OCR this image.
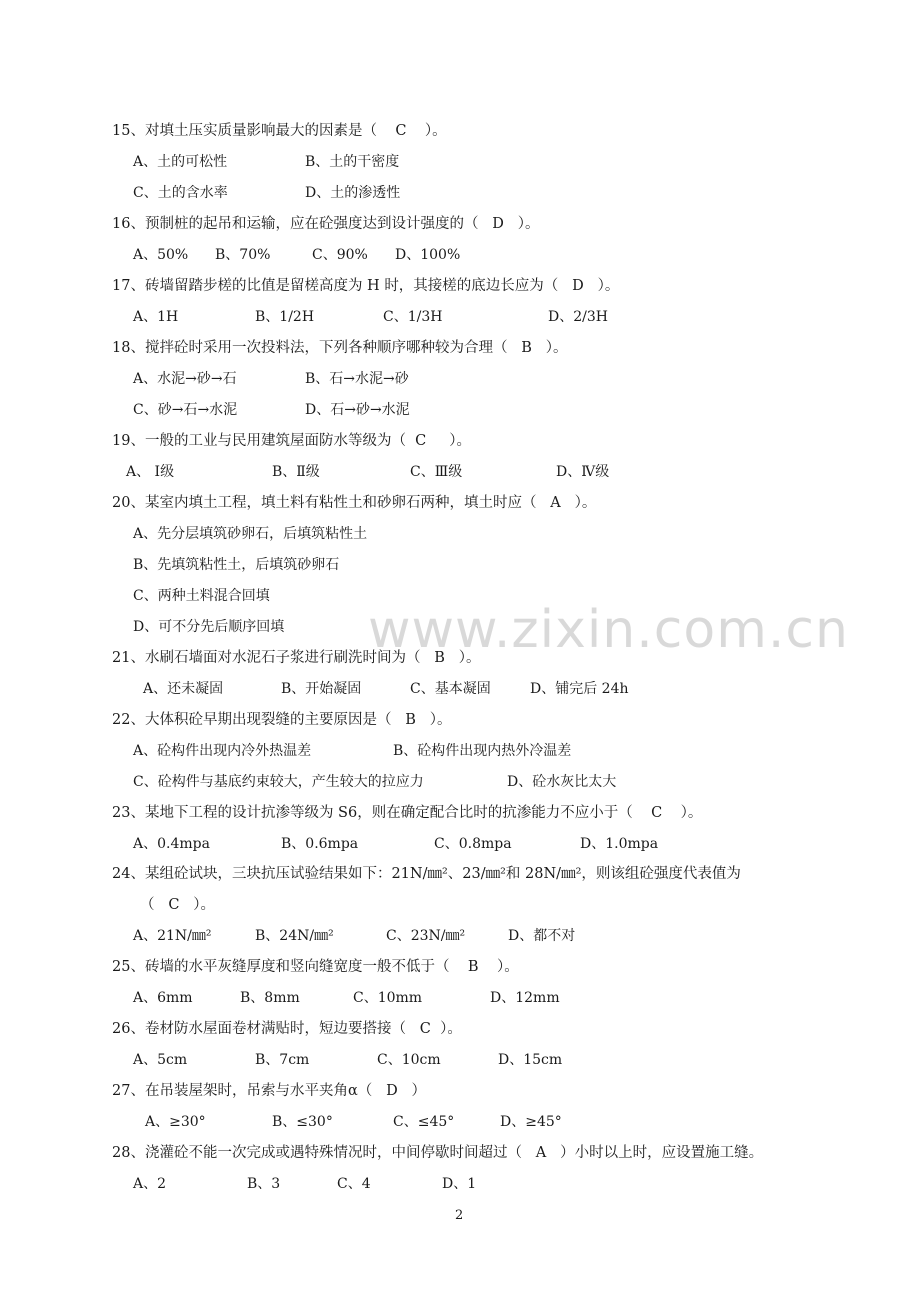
15、对填土压实质量影响最大的因素是（    C    ）。
A、土的可松性	B、土的干密度
C、土的含水率	D、土的渗透性
16、预制桩的起吊和运输，应在砼强度达到设计强度的（   D   ）。
A、50% B、70%	C、90% D、100%
17、砖墙留踏步槎的比值是留槎高度为 H 时，其接槎的底边长应为（   D   ）。
A、1H	B、1/2H	C、1/3H	D、2/3H
18、搅拌砼时采用一次投料法，下列各种顺序哪种较为合理（   B   ）。
A、水泥→砂→石	B、石→水泥→砂
C、砂→石→水泥	D、石→砂→水泥
19、一般的工业与民用建筑屋面防水等级为（  C     ）。
A、 Ⅰ级	B、Ⅱ级	C、Ⅲ级	D、Ⅳ级
20、某室内填土工程，填土料有粘性土和砂卵石两种，填土时应（   A   ）。
A、先分层填筑砂卵石，后填筑粘性土
B、先填筑粘性土，后填筑砂卵石
C、两种土料混合回填
D、可不分先后顺序回填
21、水刷石墙面对水泥石子浆进行刷洗时间为（   B   ）。
A、还未凝固	B、开始凝固	C、基本凝固	D、铺完后 24h
22、大体积砼早期出现裂缝的主要原因是（   B   ）。
A、砼构件出现内冷外热温差	B、砼构件出现内热外冷温差
C、砼构件与基底约束较大，产生较大的拉应力	D、砼水灰比太大
23、某地下工程的设计抗渗等级为 S6，则在确定配合比时的抗渗能力不应小于（    C    ）。
A、0.4mpa	B、0.6mpa	C、0.8mpa	D、1.0mpa
24、某组砼试块，三块抗压试验结果如下：21N/㎜²、23/㎜²和 28N/㎜²，则该组砼强度代表值为
（   C   ）。
A、21N/㎜²	B、24N/㎜²	C、23N/㎜²	D、都不对
25、砖墙的水平灰缝厚度和竖向缝宽度一般不低于（    B    ）。
A、6mm	B、8mm	C、10mm	D、12mm
26、卷材防水屋面卷材满贴时，短边要搭接（   C  ）。
A、5cm	B、7cm	C、10cm	D、15cm
27、在吊装屋架时，吊索与水平夹角α（   D   ）
A、≥30°	B、≤30°	C、≤45°	D、≥45°
28、浇灌砼不能一次完成或遇特殊情况时，中间停歇时间超过（   A   ）小时以上时，应设置施工缝。
A、2	B、3	C、4	D、1
www.zixin.com.cn
2
